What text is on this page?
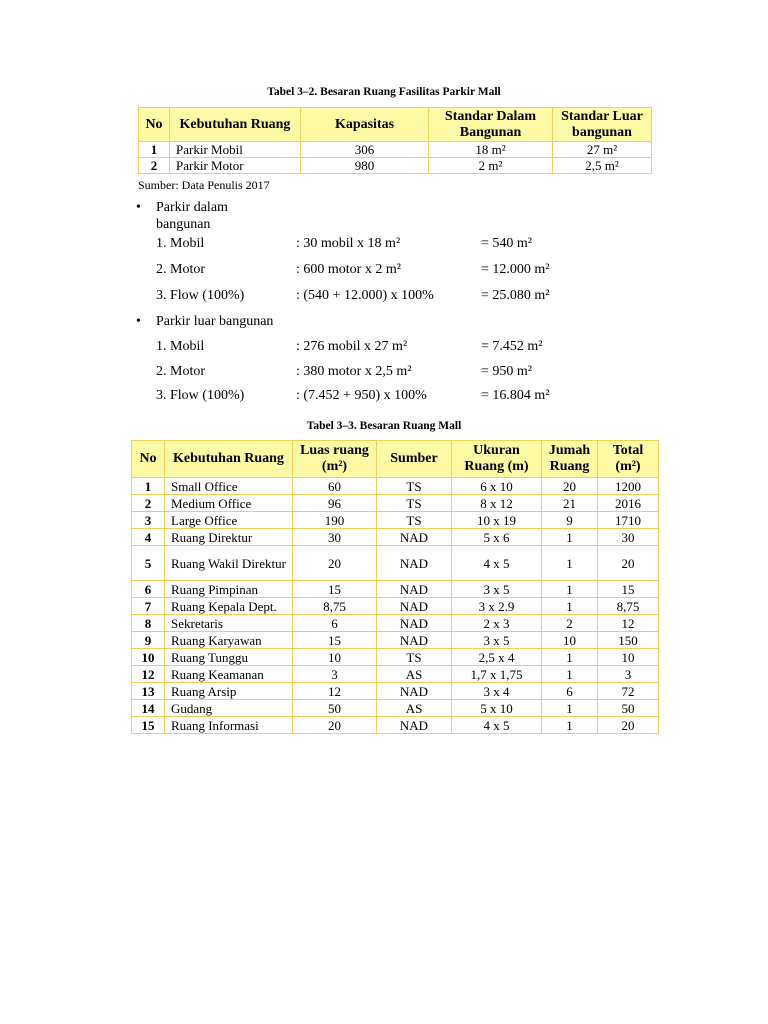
Tabel 3–2. Besaran Ruang Fasilitas Parkir Mall
No	Kebutuhan Ruang	Kapasitas	Standar Dalam Bangunan	Standar Luar bangunan
1	Parkir Mobil	306	18 m²	27 m²
2	Parkir Motor	980	2 m²	2,5 m²
Sumber: Data Penulis 2017
• Parkir dalam bangunan
1. Mobil	: 30 mobil x 18 m²	= 540 m²
2. Motor	: 600 motor x 2 m²	= 12.000 m²
3. Flow (100%)	: (540 + 12.000) x 100%	= 25.080 m²
• Parkir luar bangunan
1. Mobil	: 276 mobil x 27 m²	= 7.452 m²
2. Motor	: 380 motor x 2,5 m²	= 950 m²
3. Flow (100%)	: (7.452 + 950) x 100%	= 16.804 m²
Tabel 3–3. Besaran Ruang Mall
No	Kebutuhan Ruang	Luas ruang (m²)	Sumber	Ukuran Ruang (m)	Jumah Ruang	Total (m²)
1	Small Office	60	TS	6 x 10	20	1200
2	Medium Office	96	TS	8 x 12	21	2016
3	Large Office	190	TS	10 x 19	9	1710
4	Ruang Direktur	30	NAD	5 x 6	1	30
5	Ruang Wakil Direktur	20	NAD	4 x 5	1	20
6	Ruang Pimpinan	15	NAD	3 x 5	1	15
7	Ruang Kepala Dept.	8,75	NAD	3 x 2.9	1	8,75
8	Sekretaris	6	NAD	2 x 3	2	12
9	Ruang Karyawan	15	NAD	3 x 5	10	150
10	Ruang Tunggu	10	TS	2,5 x 4	1	10
12	Ruang Keamanan	3	AS	1,7 x 1,75	1	3
13	Ruang Arsip	12	NAD	3 x 4	6	72
14	Gudang	50	AS	5 x 10	1	50
15	Ruang Informasi	20	NAD	4 x 5	1	20
